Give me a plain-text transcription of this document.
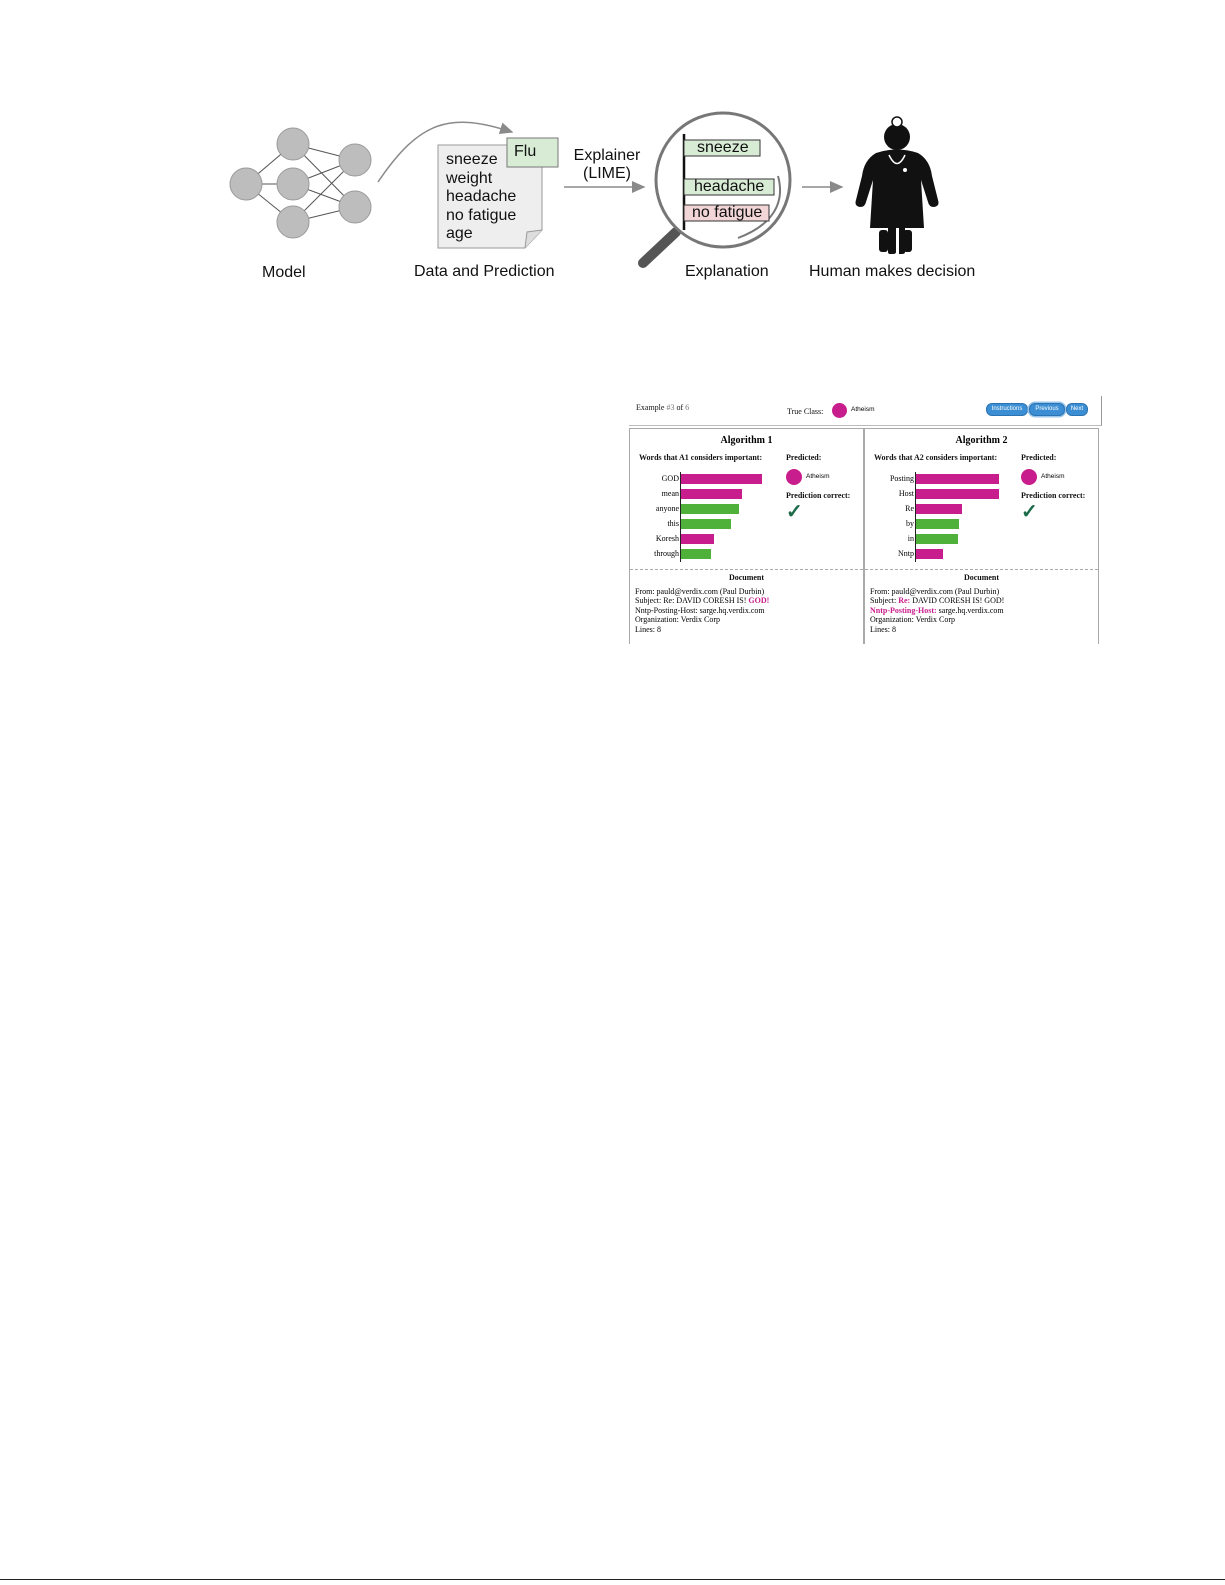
sneeze
weight
headache
no fatigue
age
Flu	Explainer
(LIME)
sneeze
headache
no fatigue
Model	Data and Prediction	Explanation	Human makes decision
Example #3 of 6	True Class:	Atheism	Instructions	Previous	Next
Algorithm 1
Words that A1 considers important:	Predicted:
Atheism
Prediction correct:
✓
GOD
mean
anyone
this
Koresh
through
Document
From: pauld@verdix.com (Paul Durbin)
Subject: Re: DAVID CORESH IS! GOD!
Nntp-Posting-Host: sarge.hq.verdix.com
Organization: Verdix Corp
Lines: 8
Algorithm 2
Words that A2 considers important:	Predicted:
Atheism
Prediction correct:
✓
Posting
Host
Re
by
in
Nntp
Document
From: pauld@verdix.com (Paul Durbin)
Subject: Re: DAVID CORESH IS! GOD!
Nntp-Posting-Host: sarge.hq.verdix.com
Organization: Verdix Corp
Lines: 8
